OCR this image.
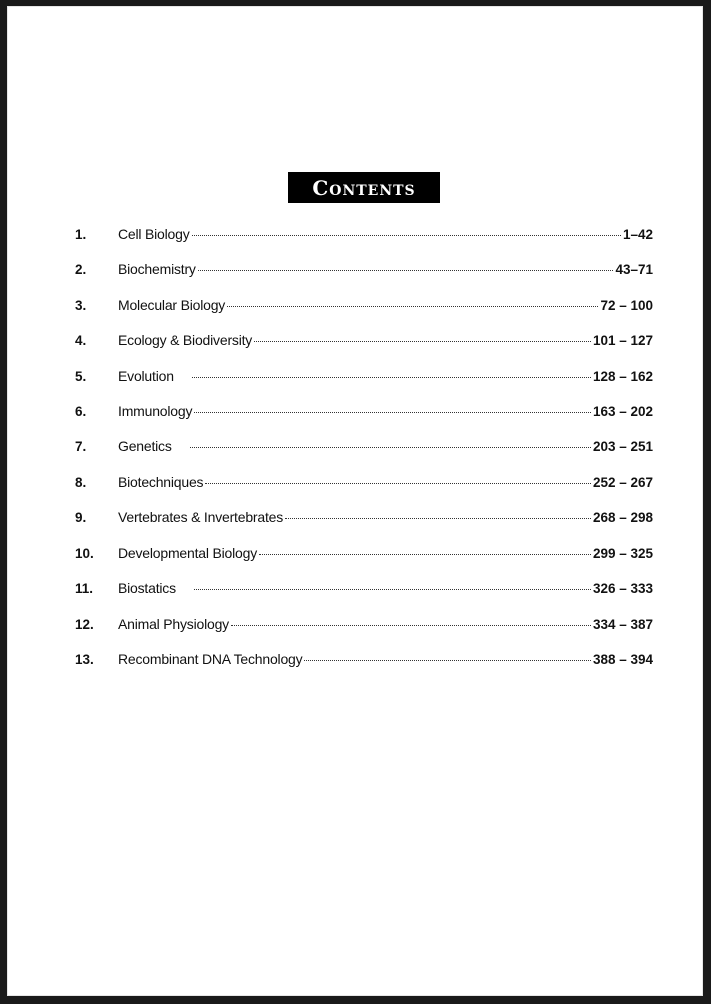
Contents
1.	Cell Biology	1–42
2.	Biochemistry	43–71
3.	Molecular Biology	72 – 100
4.	Ecology & Biodiversity	101 – 127
5.	Evolution	128 – 162
6.	Immunology	163 – 202
7.	Genetics	203 – 251
8.	Biotechniques	252 – 267
9.	Vertebrates & Invertebrates	268 – 298
10.	Developmental Biology	299 – 325
11.	Biostatics	326 – 333
12.	Animal Physiology	334 – 387
13.	Recombinant DNA Technology	388 – 394
